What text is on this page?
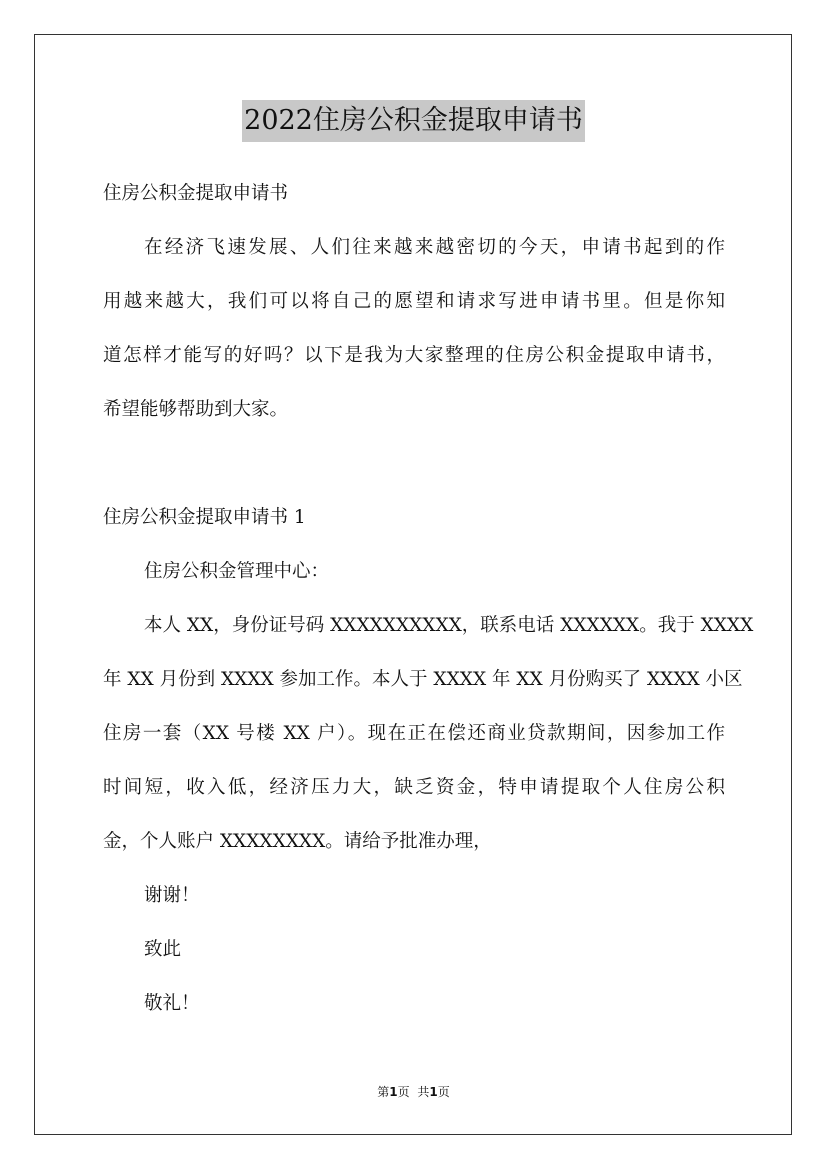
2022住房公积金提取申请书
住房公积金提取申请书
在经济飞速发展、人们往来越来越密切的今天，申请书起到的作
用越来越大，我们可以将自己的愿望和请求写进申请书里。但是你知
道怎样才能写的好吗？以下是我为大家整理的住房公积金提取申请书，
希望能够帮助到大家。
住房公积金提取申请书 1
住房公积金管理中心：
本人 XX，身份证号码 XXXXXXXXXX，联系电话 XXXXXX。我于 XXXX
年 XX 月份到 XXXX 参加工作。本人于 XXXX 年 XX 月份购买了 XXXX 小区
住房一套（XX 号楼 XX 户）。现在正在偿还商业贷款期间，因参加工作
时间短，收入低，经济压力大，缺乏资金，特申请提取个人住房公积
金，个人账户 XXXXXXXX。请给予批准办理，
谢谢！
致此
敬礼！
第1页 共1页
